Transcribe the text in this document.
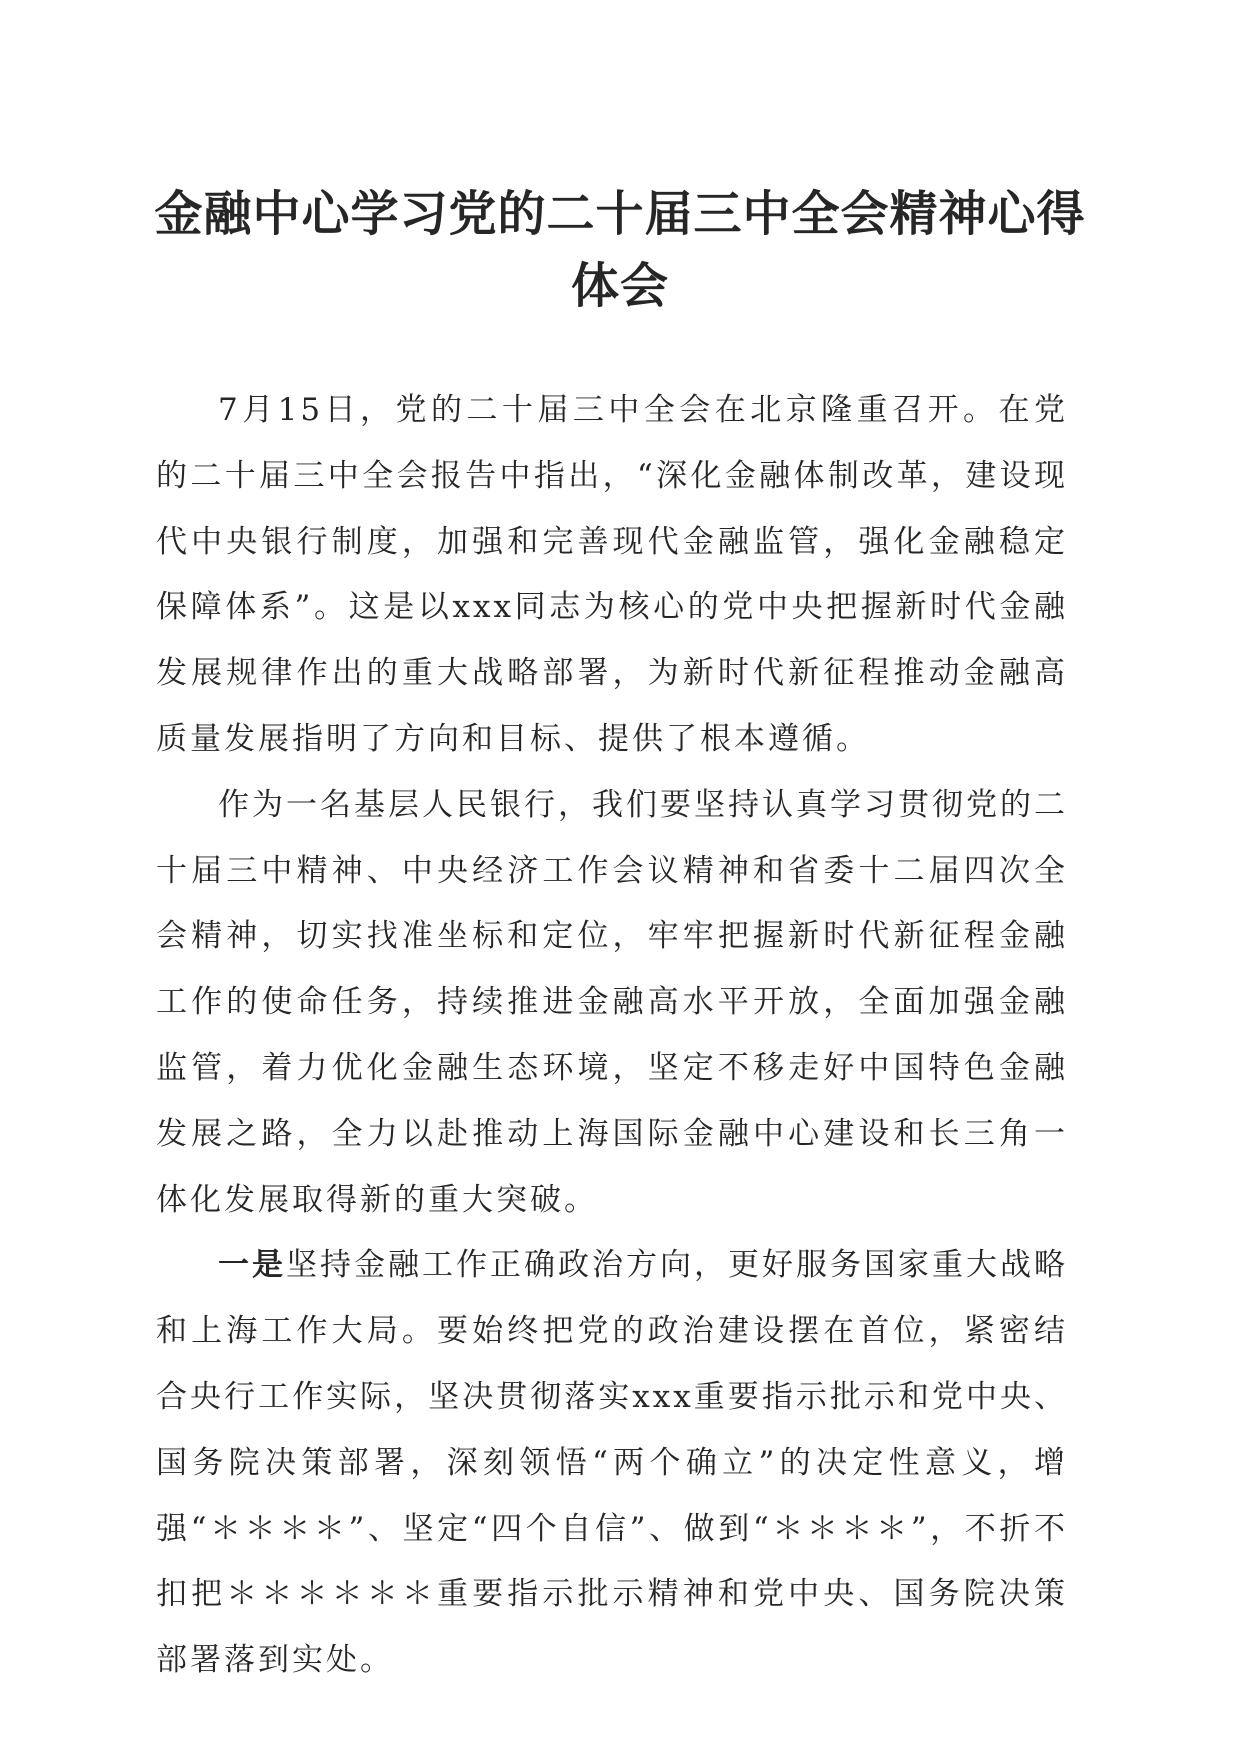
金融中心学习党的二十届三中全会精神心得体会

7月15日，党的二十届三中全会在北京隆重召开。在党的二十届三中全会报告中指出，“深化金融体制改革，建设现代中央银行制度，加强和完善现代金融监管，强化金融稳定保障体系”。这是以xxx同志为核心的党中央把握新时代金融发展规律作出的重大战略部署，为新时代新征程推动金融高质量发展指明了方向和目标、提供了根本遵循。

作为一名基层人民银行，我们要坚持认真学习贯彻党的二十届三中精神、中央经济工作会议精神和省委十二届四次全会精神，切实找准坐标和定位，牢牢把握新时代新征程金融工作的使命任务，持续推进金融高水平开放，全面加强金融监管，着力优化金融生态环境，坚定不移走好中国特色金融发展之路，全力以赴推动上海国际金融中心建设和长三角一体化发展取得新的重大突破。

一是坚持金融工作正确政治方向，更好服务国家重大战略和上海工作大局。要始终把党的政治建设摆在首位，紧密结合央行工作实际，坚决贯彻落实xxx重要指示批示和党中央、国务院决策部署，深刻领悟“两个确立”的决定性意义，增强“＊＊＊＊”、坚定“四个自信”、做到“＊＊＊＊”，不折不扣把＊＊＊＊＊＊重要指示批示精神和党中央、国务院决策部署落到实处。
